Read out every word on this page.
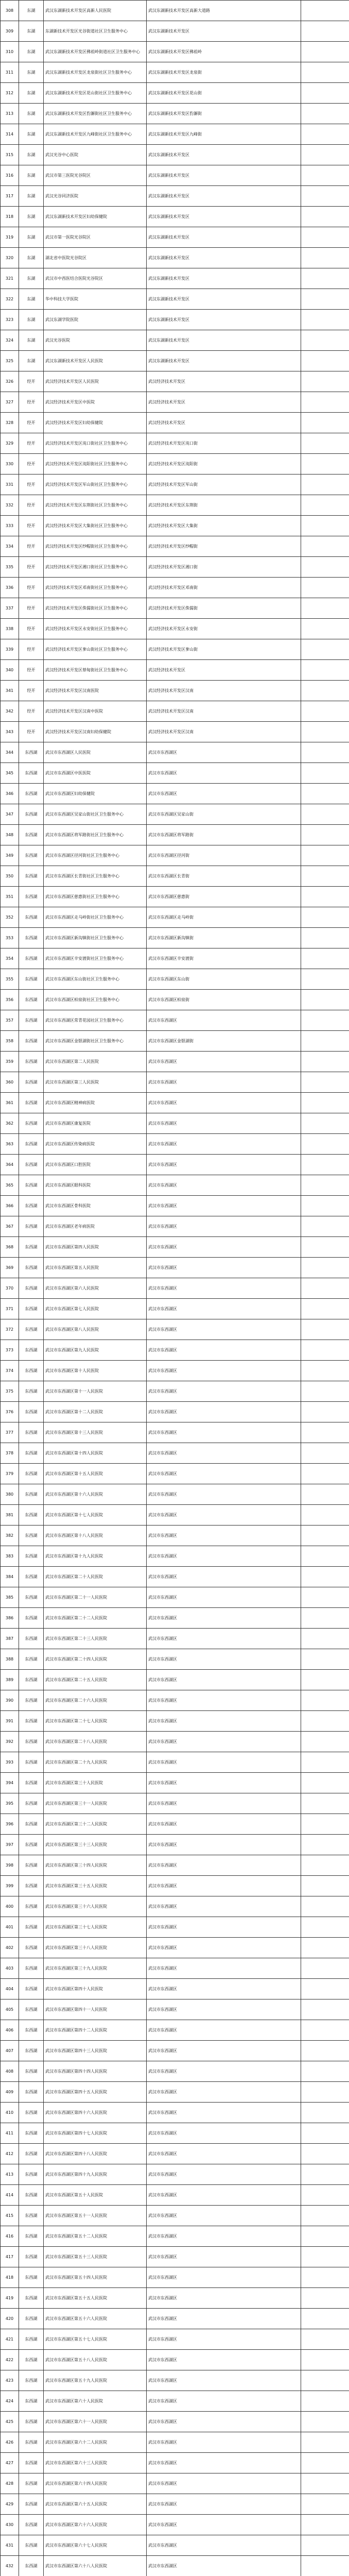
308	东湖	武汉东湖新技术开发区高新人民医院	武汉东湖新技术开发区高新大道路	
309	东湖	东湖新技术开发区光谷街道社区卫生服务中心	武汉东湖新技术开发区	
310	东湖	武汉东湖新技术开发区佛祖岭街道社区卫生服务中心	武汉东湖新技术开发区佛祖岭	
311	东湖	武汉东湖新技术开发区龙泉街社区卫生服务中心	武汉东湖新技术开发区龙泉街	
312	东湖	武汉东湖新技术开发区花山街社区卫生服务中心	武汉东湖新技术开发区花山街	
313	东湖	武汉东湖新技术开发区豹澥街社区卫生服务中心	武汉东湖新技术开发区豹澥街	
314	东湖	武汉东湖新技术开发区九峰街社区卫生服务中心	武汉东湖新技术开发区九峰街	
315	东湖	武汉光谷中心医院	武汉东湖新技术开发区	
316	东湖	武汉市第三医院光谷院区	武汉东湖新技术开发区	
317	东湖	武汉光谷同济医院	武汉东湖新技术开发区	
318	东湖	武汉东湖新技术开发区妇幼保健院	武汉东湖新技术开发区	
319	东湖	武汉市第一医院光谷院区	武汉东湖新技术开发区	
320	东湖	湖北省中医院光谷院区	武汉东湖新技术开发区	
321	东湖	武汉市中西医结合医院光谷院区	武汉东湖新技术开发区	
322	东湖	华中科技大学医院	武汉东湖新技术开发区	
323	东湖	武汉东湖学院医院	武汉东湖新技术开发区	
324	东湖	武汉光谷医院	武汉东湖新技术开发区	
325	东湖	武汉东湖新技术开发区人民医院	武汉东湖新技术开发区	
326	经开	武汉经济技术开发区人民医院	武汉经济技术开发区	
327	经开	武汉经济技术开发区中医院	武汉经济技术开发区	
328	经开	武汉经济技术开发区妇幼保健院	武汉经济技术开发区	
329	经开	武汉经济技术开发区沌口街社区卫生服务中心	武汉经济技术开发区沌口街	
330	经开	武汉经济技术开发区沌阳街社区卫生服务中心	武汉经济技术开发区沌阳街	
331	经开	武汉经济技术开发区军山街社区卫生服务中心	武汉经济技术开发区军山街	
332	经开	武汉经济技术开发区东荆街社区卫生服务中心	武汉经济技术开发区东荆街	
333	经开	武汉经济技术开发区大集街社区卫生服务中心	武汉经济技术开发区大集街	
334	经开	武汉经济技术开发区纱帽街社区卫生服务中心	武汉经济技术开发区纱帽街	
335	经开	武汉经济技术开发区湘口街社区卫生服务中心	武汉经济技术开发区湘口街	
336	经开	武汉经济技术开发区邓南街社区卫生服务中心	武汉经济技术开发区邓南街	
337	经开	武汉经济技术开发区侏儒街社区卫生服务中心	武汉经济技术开发区侏儒街	
338	经开	武汉经济技术开发区永安街社区卫生服务中心	武汉经济技术开发区永安街	
339	经开	武汉经济技术开发区奓山街社区卫生服务中心	武汉经济技术开发区奓山街	
340	经开	武汉经济技术开发区蔡甸街社区卫生服务中心	武汉经济技术开发区	
341	经开	武汉经济技术开发区汉南医院	武汉经济技术开发区汉南	
342	经开	武汉经济技术开发区汉南中医院	武汉经济技术开发区汉南	
343	经开	武汉经济技术开发区汉南妇幼保健院	武汉经济技术开发区汉南	
344	东西湖	武汉市东西湖区人民医院	武汉市东西湖区	
345	东西湖	武汉市东西湖区中医医院	武汉市东西湖区	
346	东西湖	武汉市东西湖区妇幼保健院	武汉市东西湖区	
347	东西湖	武汉市东西湖区吴家山街社区卫生服务中心	武汉市东西湖区吴家山街	
348	东西湖	武汉市东西湖区将军路街社区卫生服务中心	武汉市东西湖区将军路街	
349	东西湖	武汉市东西湖区径河街社区卫生服务中心	武汉市东西湖区径河街	
350	东西湖	武汉市东西湖区长青街社区卫生服务中心	武汉市东西湖区长青街	
351	东西湖	武汉市东西湖区慈惠街社区卫生服务中心	武汉市东西湖区慈惠街	
352	东西湖	武汉市东西湖区走马岭街社区卫生服务中心	武汉市东西湖区走马岭街	
353	东西湖	武汉市东西湖区新沟镇街社区卫生服务中心	武汉市东西湖区新沟镇街	
354	东西湖	武汉市东西湖区辛安渡街社区卫生服务中心	武汉市东西湖区辛安渡街	
355	东西湖	武汉市东西湖区东山街社区卫生服务中心	武汉市东西湖区东山街	
356	东西湖	武汉市东西湖区柏泉街社区卫生服务中心	武汉市东西湖区柏泉街	
357	东西湖	武汉市东西湖区常青花园社区卫生服务中心	武汉市东西湖区	
358	东西湖	武汉市东西湖区金银湖街社区卫生服务中心	武汉市东西湖区金银湖街	
359	东西湖	武汉市东西湖区第二人民医院	武汉市东西湖区	
360	东西湖	武汉市东西湖区第三人民医院	武汉市东西湖区	
361	东西湖	武汉市东西湖区精神病医院	武汉市东西湖区	
362	东西湖	武汉市东西湖区康复医院	武汉市东西湖区	
363	东西湖	武汉市东西湖区传染病医院	武汉市东西湖区	
364	东西湖	武汉市东西湖区口腔医院	武汉市东西湖区	
365	东西湖	武汉市东西湖区眼科医院	武汉市东西湖区	
366	东西湖	武汉市东西湖区骨科医院	武汉市东西湖区	
367	东西湖	武汉市东西湖区老年病医院	武汉市东西湖区	
368	东西湖	武汉市东西湖区第四人民医院	武汉市东西湖区	
369	东西湖	武汉市东西湖区第五人民医院	武汉市东西湖区	
370	东西湖	武汉市东西湖区第六人民医院	武汉市东西湖区	
371	东西湖	武汉市东西湖区第七人民医院	武汉市东西湖区	
372	东西湖	武汉市东西湖区第八人民医院	武汉市东西湖区	
373	东西湖	武汉市东西湖区第九人民医院	武汉市东西湖区	
374	东西湖	武汉市东西湖区第十人民医院	武汉市东西湖区	
375	东西湖	武汉市东西湖区第十一人民医院	武汉市东西湖区	
376	东西湖	武汉市东西湖区第十二人民医院	武汉市东西湖区	
377	东西湖	武汉市东西湖区第十三人民医院	武汉市东西湖区	
378	东西湖	武汉市东西湖区第十四人民医院	武汉市东西湖区	
379	东西湖	武汉市东西湖区第十五人民医院	武汉市东西湖区	
380	东西湖	武汉市东西湖区第十六人民医院	武汉市东西湖区	
381	东西湖	武汉市东西湖区第十七人民医院	武汉市东西湖区	
382	东西湖	武汉市东西湖区第十八人民医院	武汉市东西湖区	
383	东西湖	武汉市东西湖区第十九人民医院	武汉市东西湖区	
384	东西湖	武汉市东西湖区第二十人民医院	武汉市东西湖区	
385	东西湖	武汉市东西湖区第二十一人民医院	武汉市东西湖区	
386	东西湖	武汉市东西湖区第二十二人民医院	武汉市东西湖区	
387	东西湖	武汉市东西湖区第二十三人民医院	武汉市东西湖区	
388	东西湖	武汉市东西湖区第二十四人民医院	武汉市东西湖区	
389	东西湖	武汉市东西湖区第二十五人民医院	武汉市东西湖区	
390	东西湖	武汉市东西湖区第二十六人民医院	武汉市东西湖区	
391	东西湖	武汉市东西湖区第二十七人民医院	武汉市东西湖区	
392	东西湖	武汉市东西湖区第二十八人民医院	武汉市东西湖区	
393	东西湖	武汉市东西湖区第二十九人民医院	武汉市东西湖区	
394	东西湖	武汉市东西湖区第三十人民医院	武汉市东西湖区	
395	东西湖	武汉市东西湖区第三十一人民医院	武汉市东西湖区	
396	东西湖	武汉市东西湖区第三十二人民医院	武汉市东西湖区	
397	东西湖	武汉市东西湖区第三十三人民医院	武汉市东西湖区	
398	东西湖	武汉市东西湖区第三十四人民医院	武汉市东西湖区	
399	东西湖	武汉市东西湖区第三十五人民医院	武汉市东西湖区	
400	东西湖	武汉市东西湖区第三十六人民医院	武汉市东西湖区	
401	东西湖	武汉市东西湖区第三十七人民医院	武汉市东西湖区	
402	东西湖	武汉市东西湖区第三十八人民医院	武汉市东西湖区	
403	东西湖	武汉市东西湖区第三十九人民医院	武汉市东西湖区	
404	东西湖	武汉市东西湖区第四十人民医院	武汉市东西湖区	
405	东西湖	武汉市东西湖区第四十一人民医院	武汉市东西湖区	
406	东西湖	武汉市东西湖区第四十二人民医院	武汉市东西湖区	
407	东西湖	武汉市东西湖区第四十三人民医院	武汉市东西湖区	
408	东西湖	武汉市东西湖区第四十四人民医院	武汉市东西湖区	
409	东西湖	武汉市东西湖区第四十五人民医院	武汉市东西湖区	
410	东西湖	武汉市东西湖区第四十六人民医院	武汉市东西湖区	
411	东西湖	武汉市东西湖区第四十七人民医院	武汉市东西湖区	
412	东西湖	武汉市东西湖区第四十八人民医院	武汉市东西湖区	
413	东西湖	武汉市东西湖区第四十九人民医院	武汉市东西湖区	
414	东西湖	武汉市东西湖区第五十人民医院	武汉市东西湖区	
415	东西湖	武汉市东西湖区第五十一人民医院	武汉市东西湖区	
416	东西湖	武汉市东西湖区第五十二人民医院	武汉市东西湖区	
417	东西湖	武汉市东西湖区第五十三人民医院	武汉市东西湖区	
418	东西湖	武汉市东西湖区第五十四人民医院	武汉市东西湖区	
419	东西湖	武汉市东西湖区第五十五人民医院	武汉市东西湖区	
420	东西湖	武汉市东西湖区第五十六人民医院	武汉市东西湖区	
421	东西湖	武汉市东西湖区第五十七人民医院	武汉市东西湖区	
422	东西湖	武汉市东西湖区第五十八人民医院	武汉市东西湖区	
423	东西湖	武汉市东西湖区第五十九人民医院	武汉市东西湖区	
424	东西湖	武汉市东西湖区第六十人民医院	武汉市东西湖区	
425	东西湖	武汉市东西湖区第六十一人民医院	武汉市东西湖区	
426	东西湖	武汉市东西湖区第六十二人民医院	武汉市东西湖区	
427	东西湖	武汉市东西湖区第六十三人民医院	武汉市东西湖区	
428	东西湖	武汉市东西湖区第六十四人民医院	武汉市东西湖区	
429	东西湖	武汉市东西湖区第六十五人民医院	武汉市东西湖区	
430	东西湖	武汉市东西湖区第六十六人民医院	武汉市东西湖区	
431	东西湖	武汉市东西湖区第六十七人民医院	武汉市东西湖区	
432	东西湖	武汉市东西湖区第六十八人民医院	武汉市东西湖区	
